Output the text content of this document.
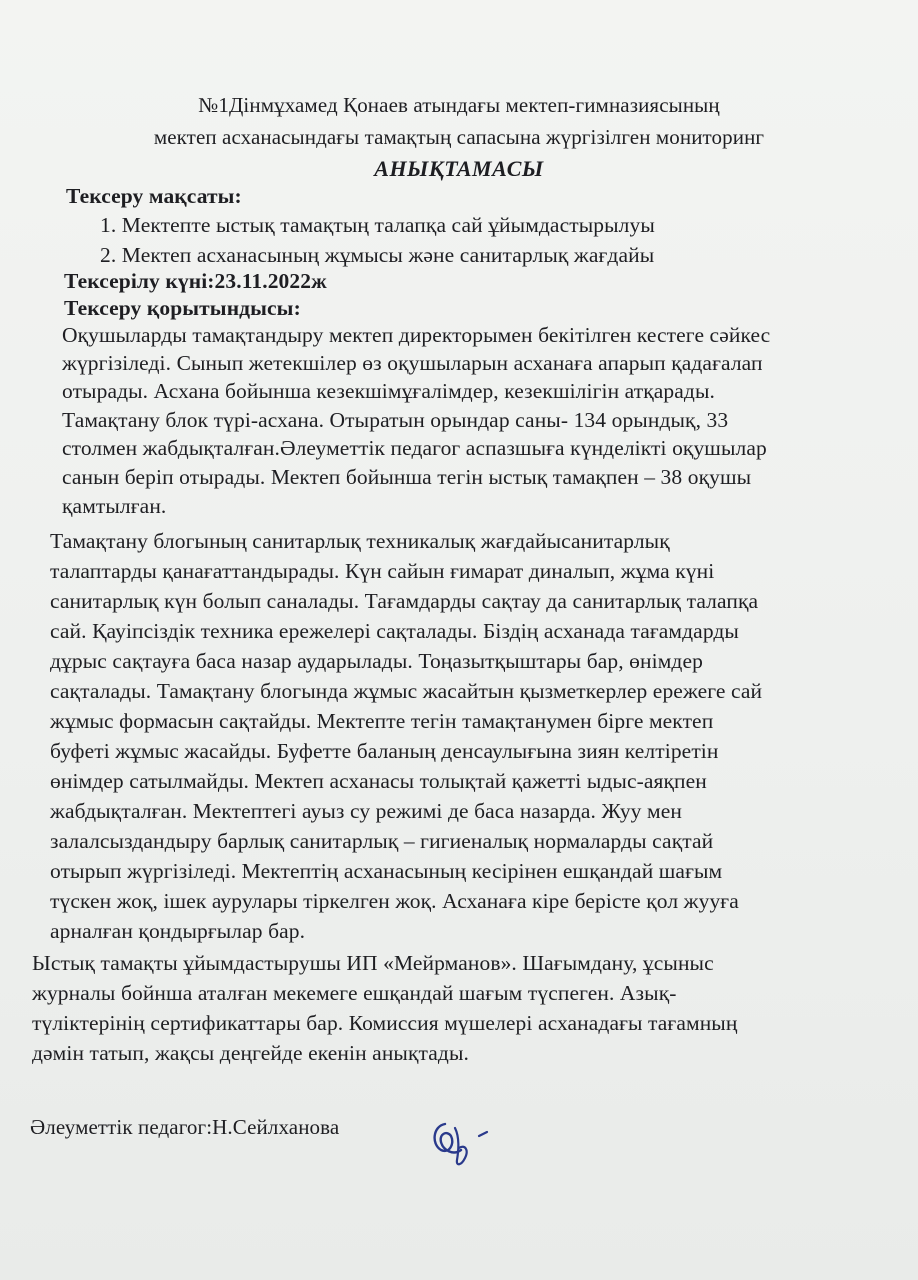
№1Дінмұхамед Қонаев атындағы мектеп-гимназиясының
мектеп асханасындағы тамақтың сапасына жүргізілген мониторинг
АНЫҚТАМАСЫ
Тексеру мақсаты:
1. Мектепте ыстық тамақтың талапқа сай ұйымдастырылуы
2. Мектеп асханасының жұмысы және санитарлық жағдайы
Тексерілу күні:23.11.2022ж
Тексеру қорытындысы:
Оқушыларды тамақтандыру мектеп директорымен бекітілген кестеге сәйкес
жүргізіледі. Сынып жетекшілер өз оқушыларын асханаға апарып қадағалап
отырады. Асхана бойынша кезекшімұғалімдер, кезекшілігін атқарады.
Тамақтану блок түрі-асхана. Отыратын орындар саны- 134 орындық, 33
столмен жабдықталған.Әлеуметтік педагог аспазшыға күнделікті оқушылар
санын беріп отырады. Мектеп бойынша тегін ыстық тамақпен – 38 оқушы
қамтылған.
Тамақтану блогының санитарлық техникалық жағдайысанитарлық
талаптарды қанағаттандырады. Күн сайын ғимарат диналып, жұма күні
санитарлық күн болып саналады. Тағамдарды сақтау да санитарлық талапқа
сай. Қауіпсіздік техника ережелері сақталады. Біздің асханада тағамдарды
дұрыс сақтауға баса назар аударылады. Тоңазытқыштары бар, өнімдер
сақталады. Тамақтану блогында жұмыс жасайтын қызметкерлер ережеге сай
жұмыс формасын сақтайды. Мектепте тегін тамақтанумен бірге мектеп
буфеті жұмыс жасайды. Буфетте баланың денсаулығына зиян келтіретін
өнімдер сатылмайды. Мектеп асханасы толықтай қажетті ыдыс-аяқпен
жабдықталған. Мектептегі ауыз су режимі де баса назарда. Жуу мен
залалсыздандыру барлық санитарлық – гигиеналық нормаларды сақтай
отырып жүргізіледі. Мектептің асханасының кесірінен ешқандай шағым
түскен жоқ, ішек аурулары тіркелген жоқ. Асханаға кіре берісте қол жууға
арналған қондырғылар бар.
Ыстық тамақты ұйымдастырушы ИП «Мейрманов». Шағымдану, ұсыныс
журналы бойнша аталған мекемеге ешқандай шағым түспеген. Азық-
түліктерінің сертификаттары бар. Комиссия мүшелері асханадағы тағамның
дәмін татып, жақсы деңгейде екенін анықтады.
Әлеуметтік педагог:Н.Сейлханова
